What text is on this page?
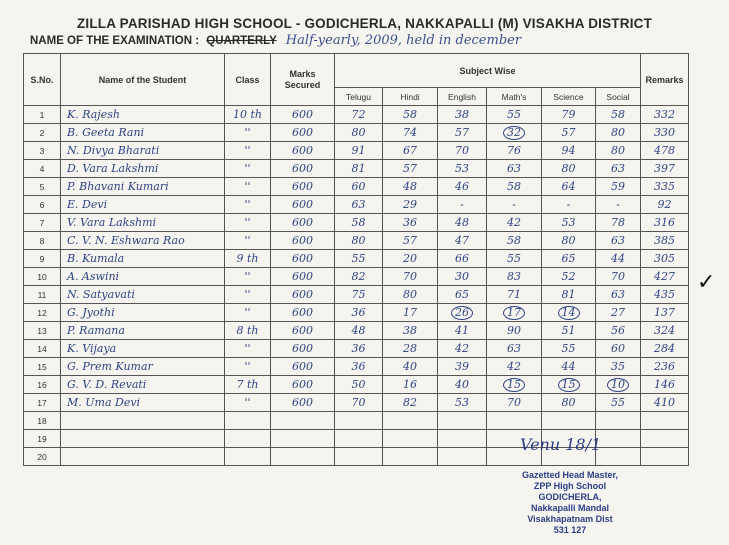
ZILLA PARISHAD HIGH SCHOOL - GODICHERLA, NAKKAPALLI (M) VISAKHA DISTRICT
NAME OF THE EXAMINATION : QUARTERLY Half-yearly, 2009, held in december
S.No.	Name of the Student	Class	Marks Secured	Subject Wise						Remarks
				Telugu	Hindi	English	Math's	Science	Social	
1	K. Rajesh	10 th	600	72	58	38	55	79	58	332
2	B. Geeta Rani	''	600	80	74	57	32	57	80	330
3	N. Divya Bharati	''	600	91	67	70	76	94	80	478
4	D. Vara Lakshmi	''	600	81	57	53	63	80	63	397
5	P. Bhavani Kumari	''	600	60	48	46	58	64	59	335
6	E. Devi	''	600	63	29	-	-	-	-	92
7	V. Vara Lakshmi	''	600	58	36	48	42	53	78	316
8	C. V. N. Eshwara Rao	''	600	80	57	47	58	80	63	385
9	B. Kumala	9 th	600	55	20	66	55	65	44	305
10	A. Aswini	''	600	82	70	30	83	52	70	427
11	N. Satyavati	''	600	75	80	65	71	81	63	435
12	G. Jyothi	''	600	36	17	26	17	14	27	137
13	P. Ramana	8 th	600	48	38	41	90	51	56	324
14	K. Vijaya	''	600	36	28	42	63	55	60	284
15	G. Prem Kumar	''	600	36	40	39	42	44	35	236
16	G. V. D. Revati	7 th	600	50	16	40	15	15	10	146
17	M. Uma Devi	''	600	70	82	53	70	80	55	410
18										
19										
20										
✓
Venu 18/1
Gazetted Head Master,
ZPP High School
GODICHERLA,
Nakkapalli Mandal
Visakhapatnam Dist
531 127
